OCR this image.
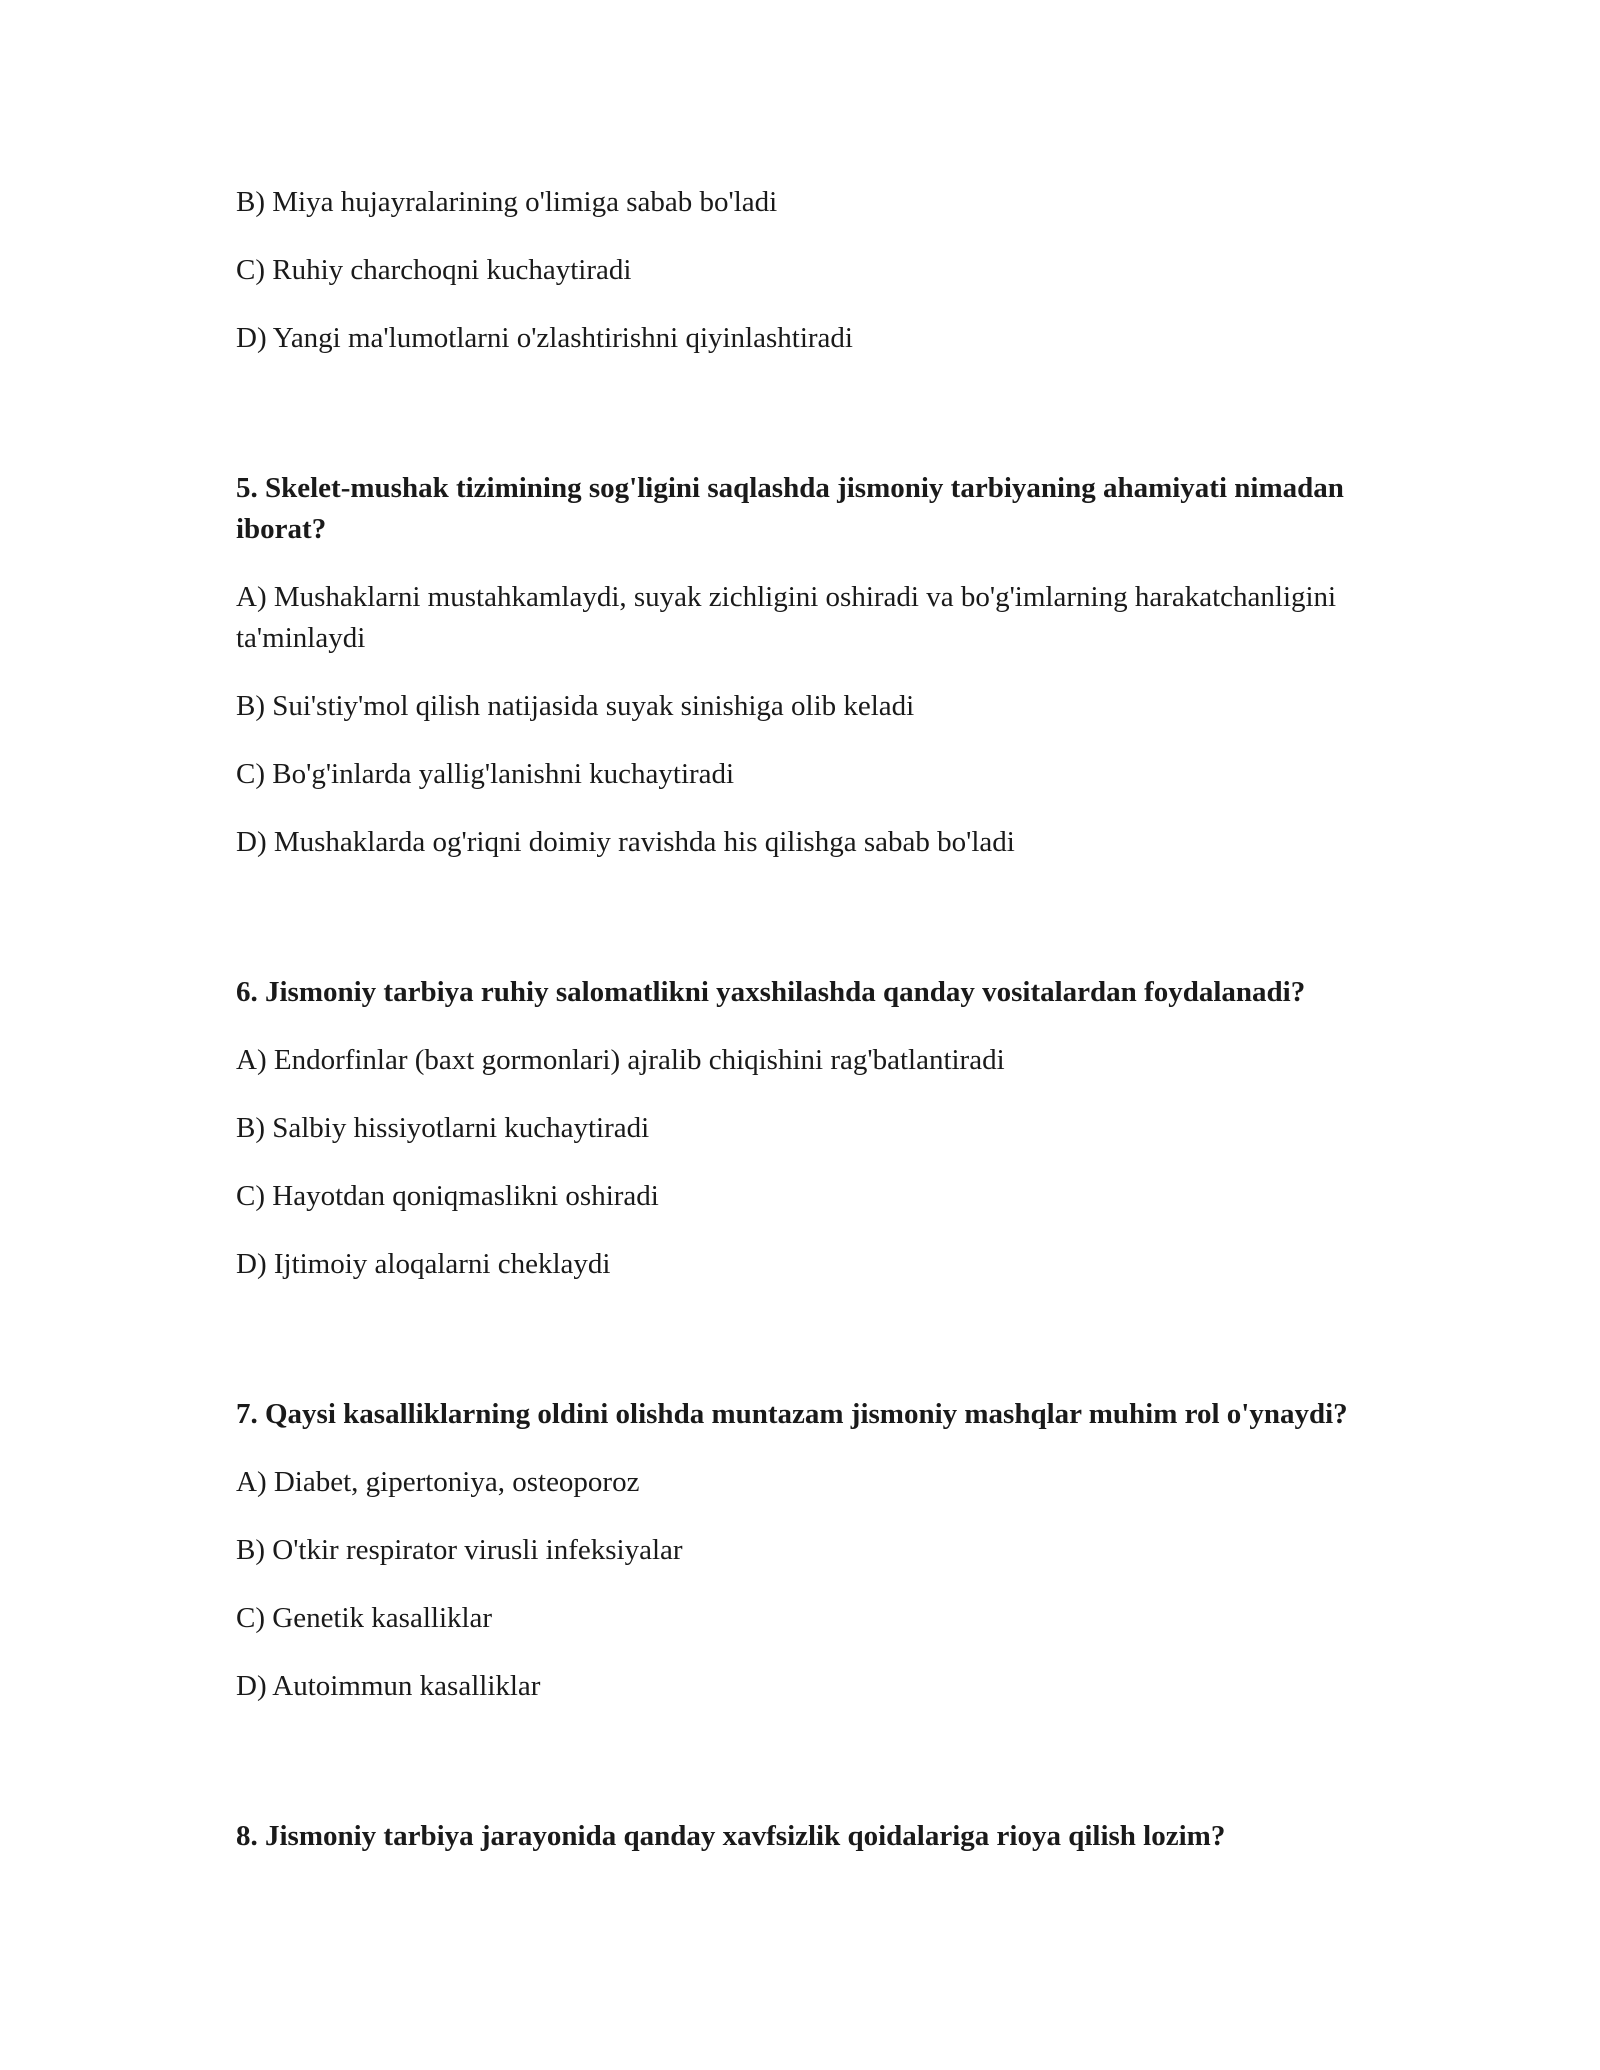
B) Miya hujayralarining o'limiga sabab bo'ladi

C) Ruhiy charchoqni kuchaytiradi

D) Yangi ma'lumotlarni o'zlashtirishni qiyinlashtiradi

5. Skelet-mushak tizimining sog'ligini saqlashda jismoniy tarbiyaning ahamiyati nimadan iborat?

A) Mushaklarni mustahkamlaydi, suyak zichligini oshiradi va bo'g'imlarning harakatchanligini ta'minlaydi

B) Sui'stiy'mol qilish natijasida suyak sinishiga olib keladi

C) Bo'g'inlarda yallig'lanishni kuchaytiradi

D) Mushaklarda og'riqni doimiy ravishda his qilishga sabab bo'ladi

6. Jismoniy tarbiya ruhiy salomatlikni yaxshilashda qanday vositalardan foydalanadi?

A) Endorfinlar (baxt gormonlari) ajralib chiqishini rag'batlantiradi

B) Salbiy hissiyotlarni kuchaytiradi

C) Hayotdan qoniqmaslikni oshiradi

D) Ijtimoiy aloqalarni cheklaydi

7. Qaysi kasalliklarning oldini olishda muntazam jismoniy mashqlar muhim rol o'ynaydi?

A) Diabet, gipertoniya, osteoporoz

B) O'tkir respirator virusli infeksiyalar

C) Genetik kasalliklar

D) Autoimmun kasalliklar

8. Jismoniy tarbiya jarayonida qanday xavfsizlik qoidalariga rioya qilish lozim?
